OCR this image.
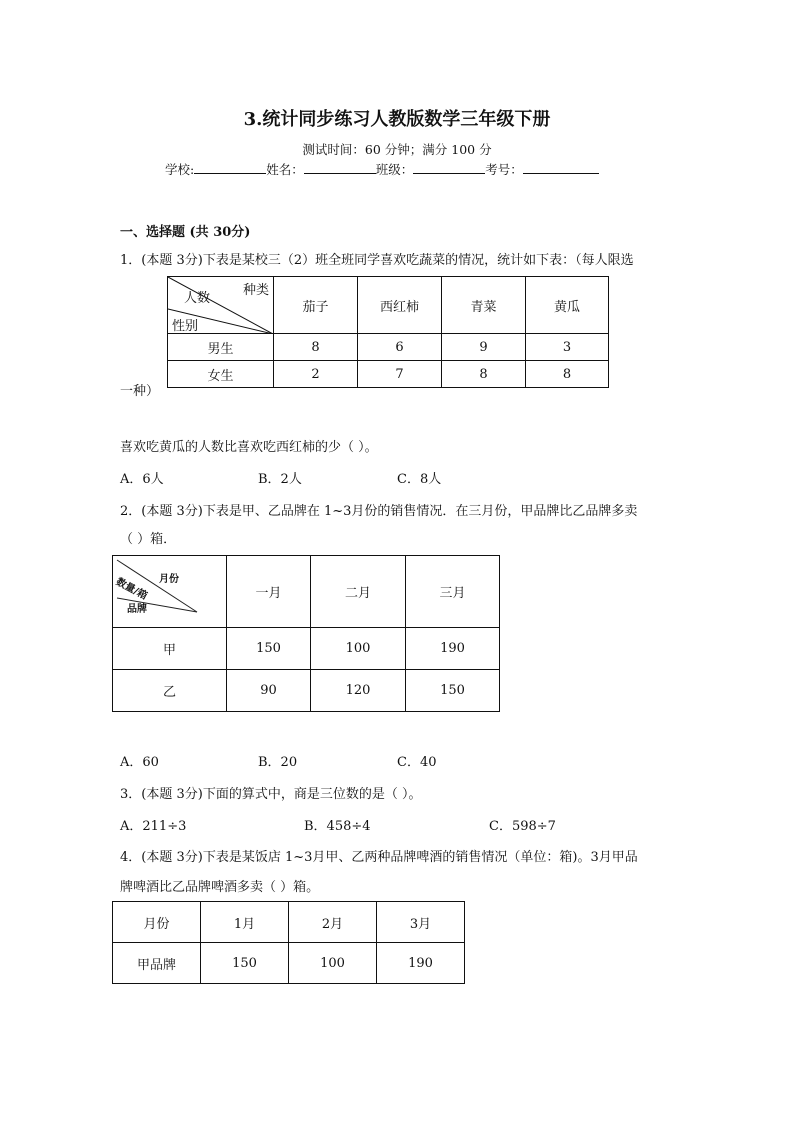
3.统计同步练习人教版数学三年级下册
测试时间：60 分钟；满分 100 分
学校:	姓名：	班级：	考号：
一、选择题 (共 30分)
1．(本题 3分)下表是某校三（2）班全班同学喜欢吃蔬菜的情况，统计如下表：（每人限选
种类
人数
性别	茄子	西红柿	青菜	黄瓜
男生	8	6	9	3
女生	2	7	8	8
一种）
喜欢吃黄瓜的人数比喜欢吃西红柿的少（ ）。
A．6人	B．2人	C．8人
2．(本题 3分)下表是甲、乙品牌在 1~3月份的销售情况．在三月份，甲品牌比乙品牌多卖
（ ）箱．
月份
数量/箱
品牌	一月	二月	三月
甲	150	100	190
乙	90	120	150
A．60	B．20	C．40
3．(本题 3分)下面的算式中，商是三位数的是（ ）。
A．211÷3	B．458÷4	C．598÷7
4．(本题 3分)下表是某饭店 1~3月甲、乙两种品牌啤酒的销售情况（单位：箱)。3月甲品
牌啤酒比乙品牌啤酒多卖（ ）箱。
月份	1月	2月	3月
甲品牌	150	100	190
